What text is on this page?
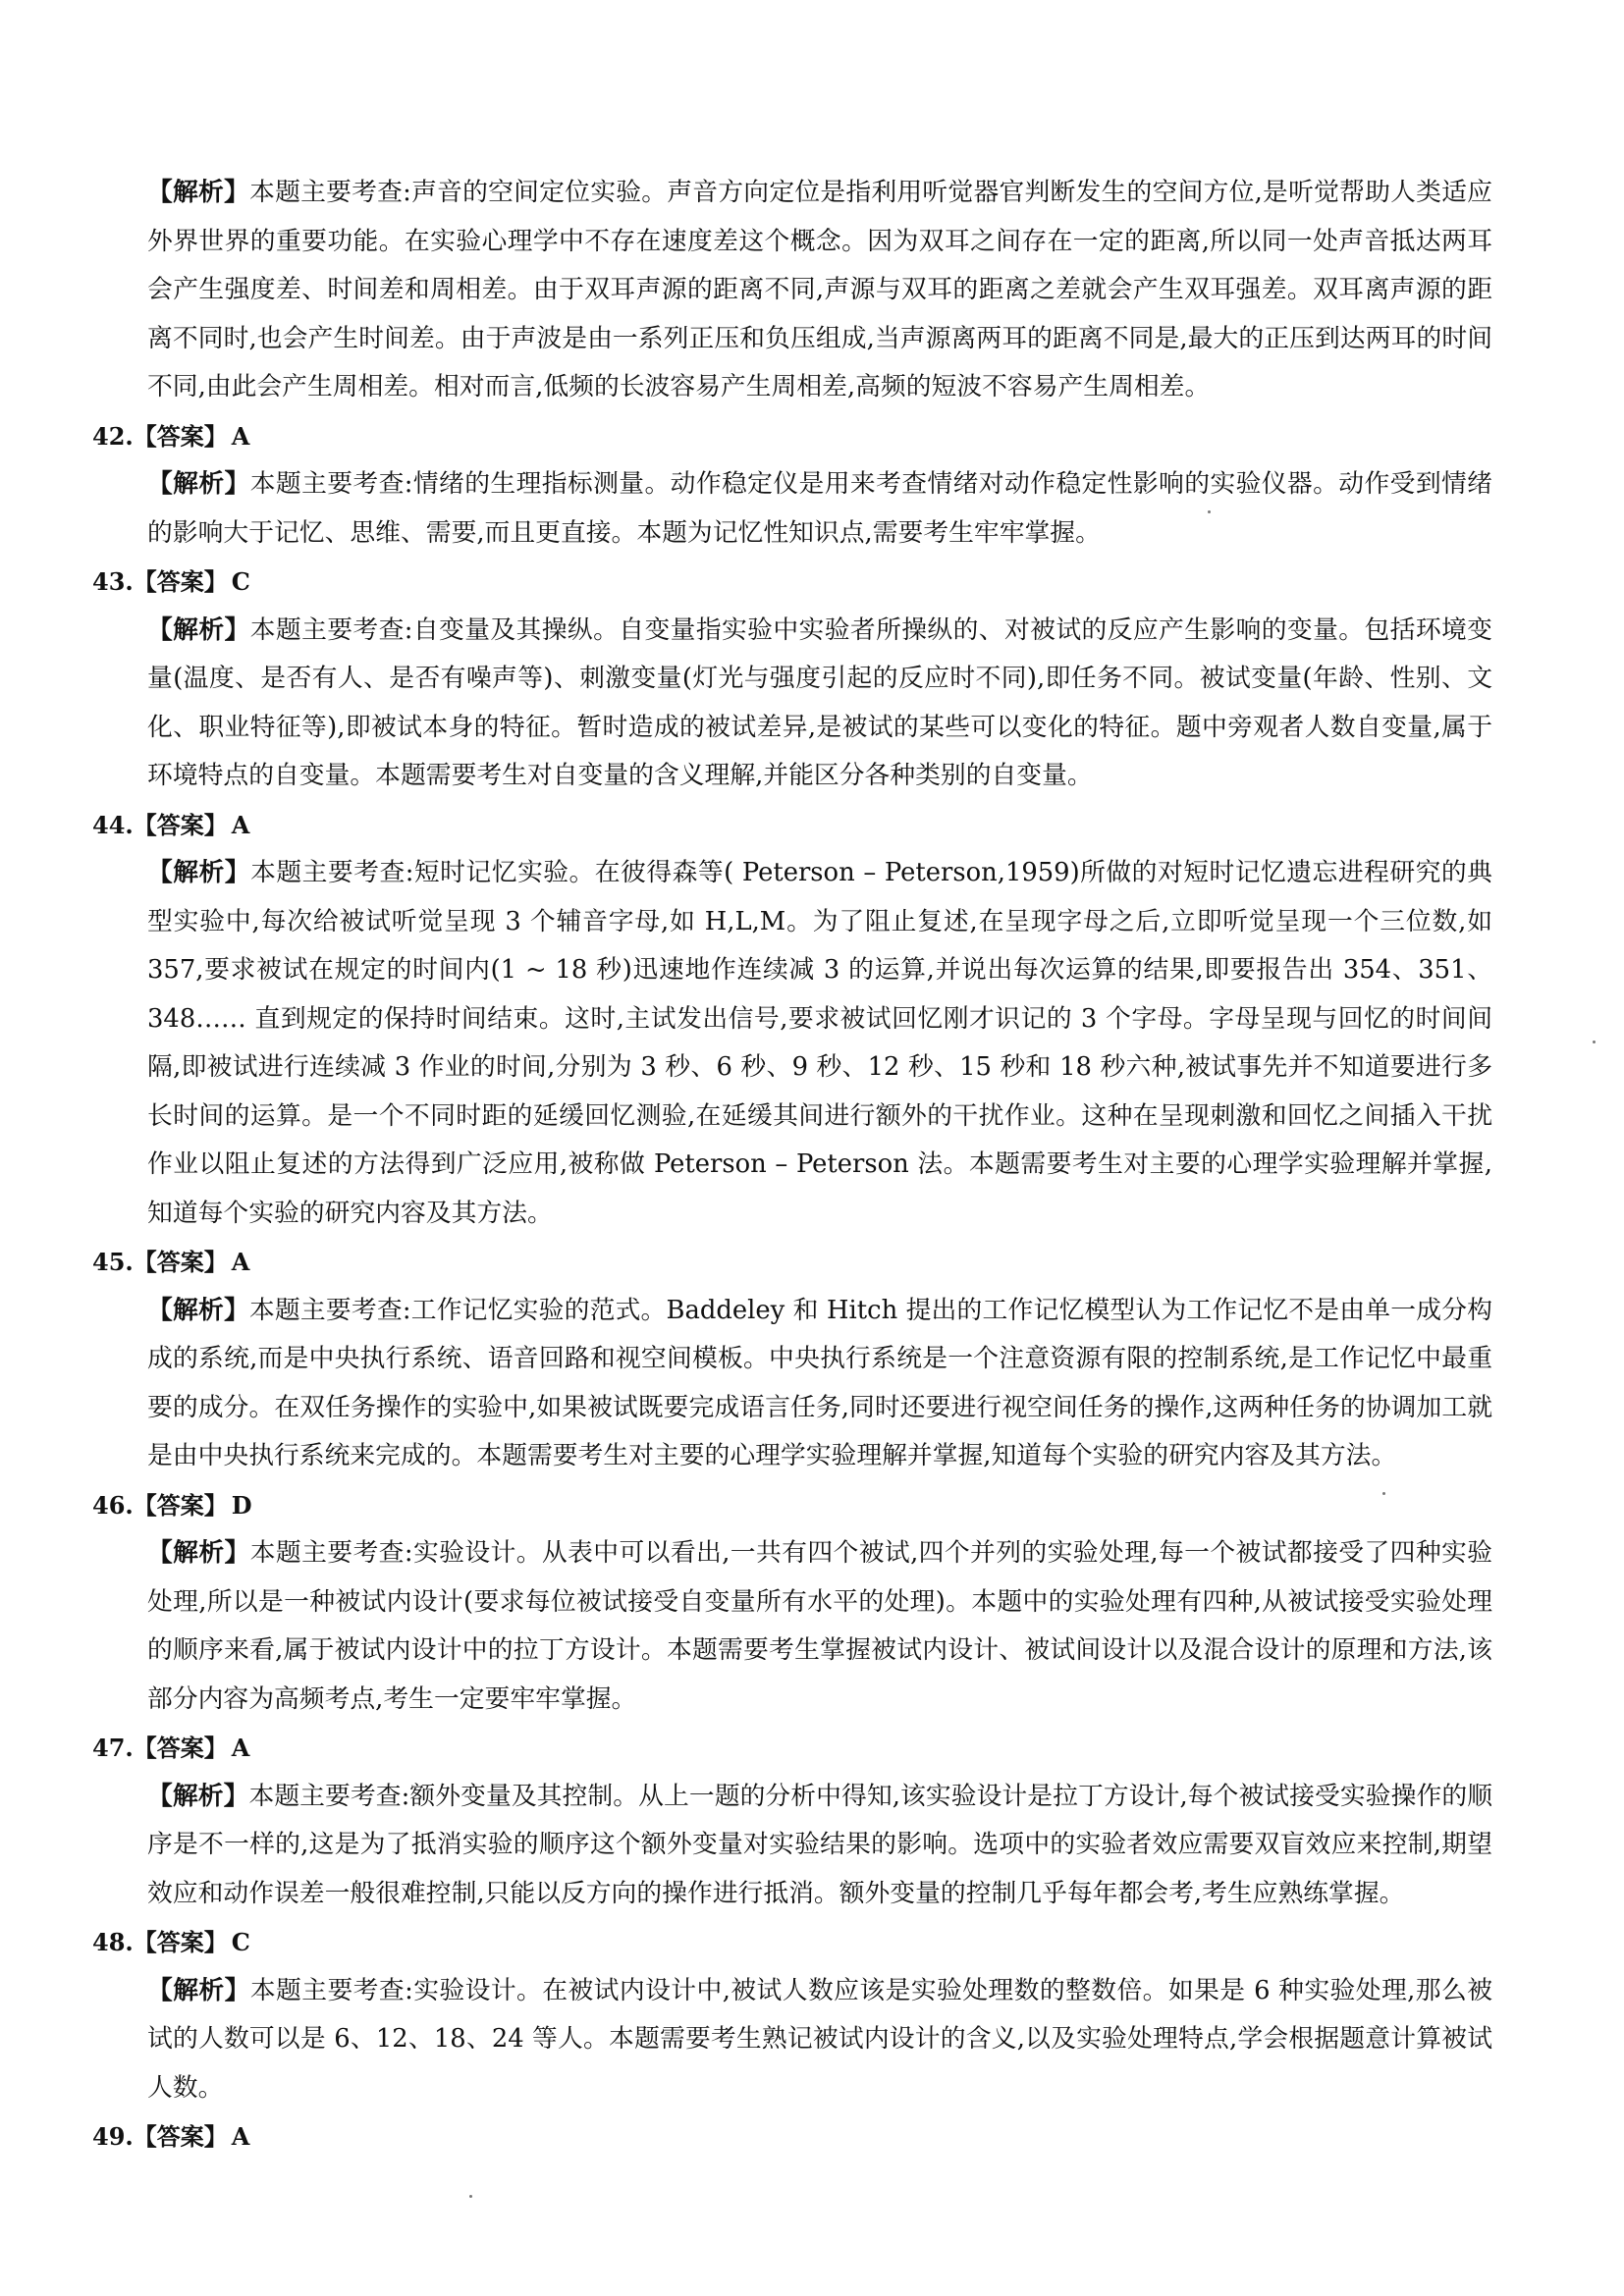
【解析】本题主要考查:声音的空间定位实验。声音方向定位是指利用听觉器官判断发生的空间方位,是听觉帮助人类适应外界世界的重要功能。在实验心理学中不存在速度差这个概念。因为双耳之间存在一定的距离,所以同一处声音抵达两耳会产生强度差、时间差和周相差。由于双耳声源的距离不同,声源与双耳的距离之差就会产生双耳强差。双耳离声源的距离不同时,也会产生时间差。由于声波是由一系列正压和负压组成,当声源离两耳的距离不同是,最大的正压到达两耳的时间不同,由此会产生周相差。相对而言,低频的长波容易产生周相差,高频的短波不容易产生周相差。

42.【答案】 A

【解析】本题主要考查:情绪的生理指标测量。动作稳定仪是用来考查情绪对动作稳定性影响的实验仪器。动作受到情绪的影响大于记忆、思维、需要,而且更直接。本题为记忆性知识点,需要考生牢牢掌握。

43.【答案】 C

【解析】本题主要考查:自变量及其操纵。自变量指实验中实验者所操纵的、对被试的反应产生影响的变量。包括环境变量(温度、是否有人、是否有噪声等)、刺激变量(灯光与强度引起的反应时不同),即任务不同。被试变量(年龄、性别、文化、职业特征等),即被试本身的特征。暂时造成的被试差异,是被试的某些可以变化的特征。题中旁观者人数自变量,属于环境特点的自变量。本题需要考生对自变量的含义理解,并能区分各种类别的自变量。

44.【答案】 A

【解析】本题主要考查:短时记忆实验。在彼得森等( Peterson – Peterson,1959)所做的对短时记忆遗忘进程研究的典型实验中,每次给被试听觉呈现 3 个辅音字母,如 H,L,M。为了阻止复述,在呈现字母之后,立即听觉呈现一个三位数,如 357,要求被试在规定的时间内(1 ~ 18 秒)迅速地作连续减 3 的运算,并说出每次运算的结果,即要报告出 354、351、348…… 直到规定的保持时间结束。这时,主试发出信号,要求被试回忆刚才识记的 3 个字母。字母呈现与回忆的时间间隔,即被试进行连续减 3 作业的时间,分别为 3 秒、6 秒、9 秒、12 秒、15 秒和 18 秒六种,被试事先并不知道要进行多长时间的运算。是一个不同时距的延缓回忆测验,在延缓其间进行额外的干扰作业。这种在呈现刺激和回忆之间插入干扰作业以阻止复述的方法得到广泛应用,被称做 Peterson – Peterson 法。本题需要考生对主要的心理学实验理解并掌握,知道每个实验的研究内容及其方法。

45.【答案】 A

【解析】本题主要考查:工作记忆实验的范式。Baddeley 和 Hitch 提出的工作记忆模型认为工作记忆不是由单一成分构成的系统,而是中央执行系统、语音回路和视空间模板。中央执行系统是一个注意资源有限的控制系统,是工作记忆中最重要的成分。在双任务操作的实验中,如果被试既要完成语言任务,同时还要进行视空间任务的操作,这两种任务的协调加工就是由中央执行系统来完成的。本题需要考生对主要的心理学实验理解并掌握,知道每个实验的研究内容及其方法。

46.【答案】 D

【解析】本题主要考查:实验设计。从表中可以看出,一共有四个被试,四个并列的实验处理,每一个被试都接受了四种实验处理,所以是一种被试内设计(要求每位被试接受自变量所有水平的处理)。本题中的实验处理有四种,从被试接受实验处理的顺序来看,属于被试内设计中的拉丁方设计。本题需要考生掌握被试内设计、被试间设计以及混合设计的原理和方法,该部分内容为高频考点,考生一定要牢牢掌握。

47.【答案】 A

【解析】本题主要考查:额外变量及其控制。从上一题的分析中得知,该实验设计是拉丁方设计,每个被试接受实验操作的顺序是不一样的,这是为了抵消实验的顺序这个额外变量对实验结果的影响。选项中的实验者效应需要双盲效应来控制,期望效应和动作误差一般很难控制,只能以反方向的操作进行抵消。额外变量的控制几乎每年都会考,考生应熟练掌握。

48.【答案】 C

【解析】本题主要考查:实验设计。在被试内设计中,被试人数应该是实验处理数的整数倍。如果是 6 种实验处理,那么被试的人数可以是 6、12、18、24 等人。本题需要考生熟记被试内设计的含义,以及实验处理特点,学会根据题意计算被试人数。

49.【答案】 A
